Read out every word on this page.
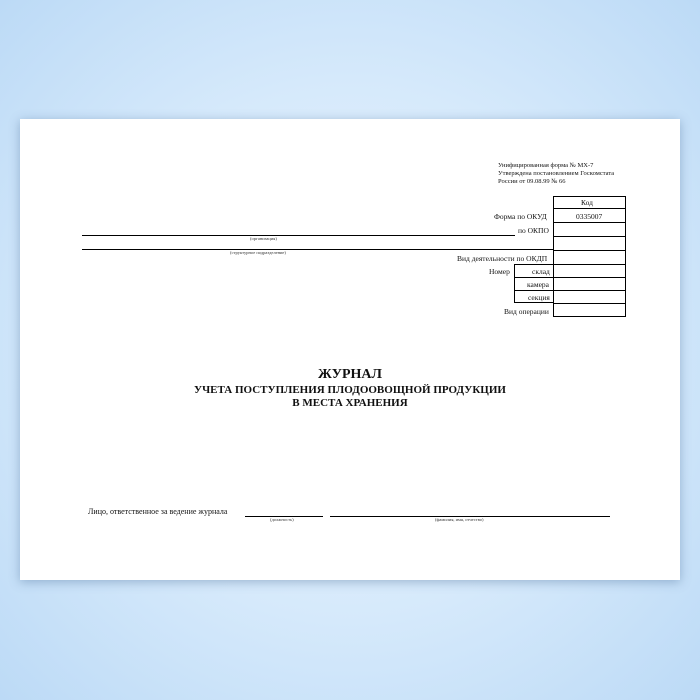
Унифицированная форма № МХ-7
Утверждена постановлением Госкомстата
России от 09.08.99 № 66
Код
0335007
Форма по ОКУД
по ОКПО
Вид деятельности по ОКДП
Номер	склад
камера
секция
Вид операции
(организация)
(структурное подразделение)
ЖУРНАЛ
УЧЕТА ПОСТУПЛЕНИЯ ПЛОДООВОЩНОЙ ПРОДУКЦИИ
В МЕСТА ХРАНЕНИЯ
Лицо, ответственное за ведение журнала
(должность)	(фамилия, имя, отчество)
